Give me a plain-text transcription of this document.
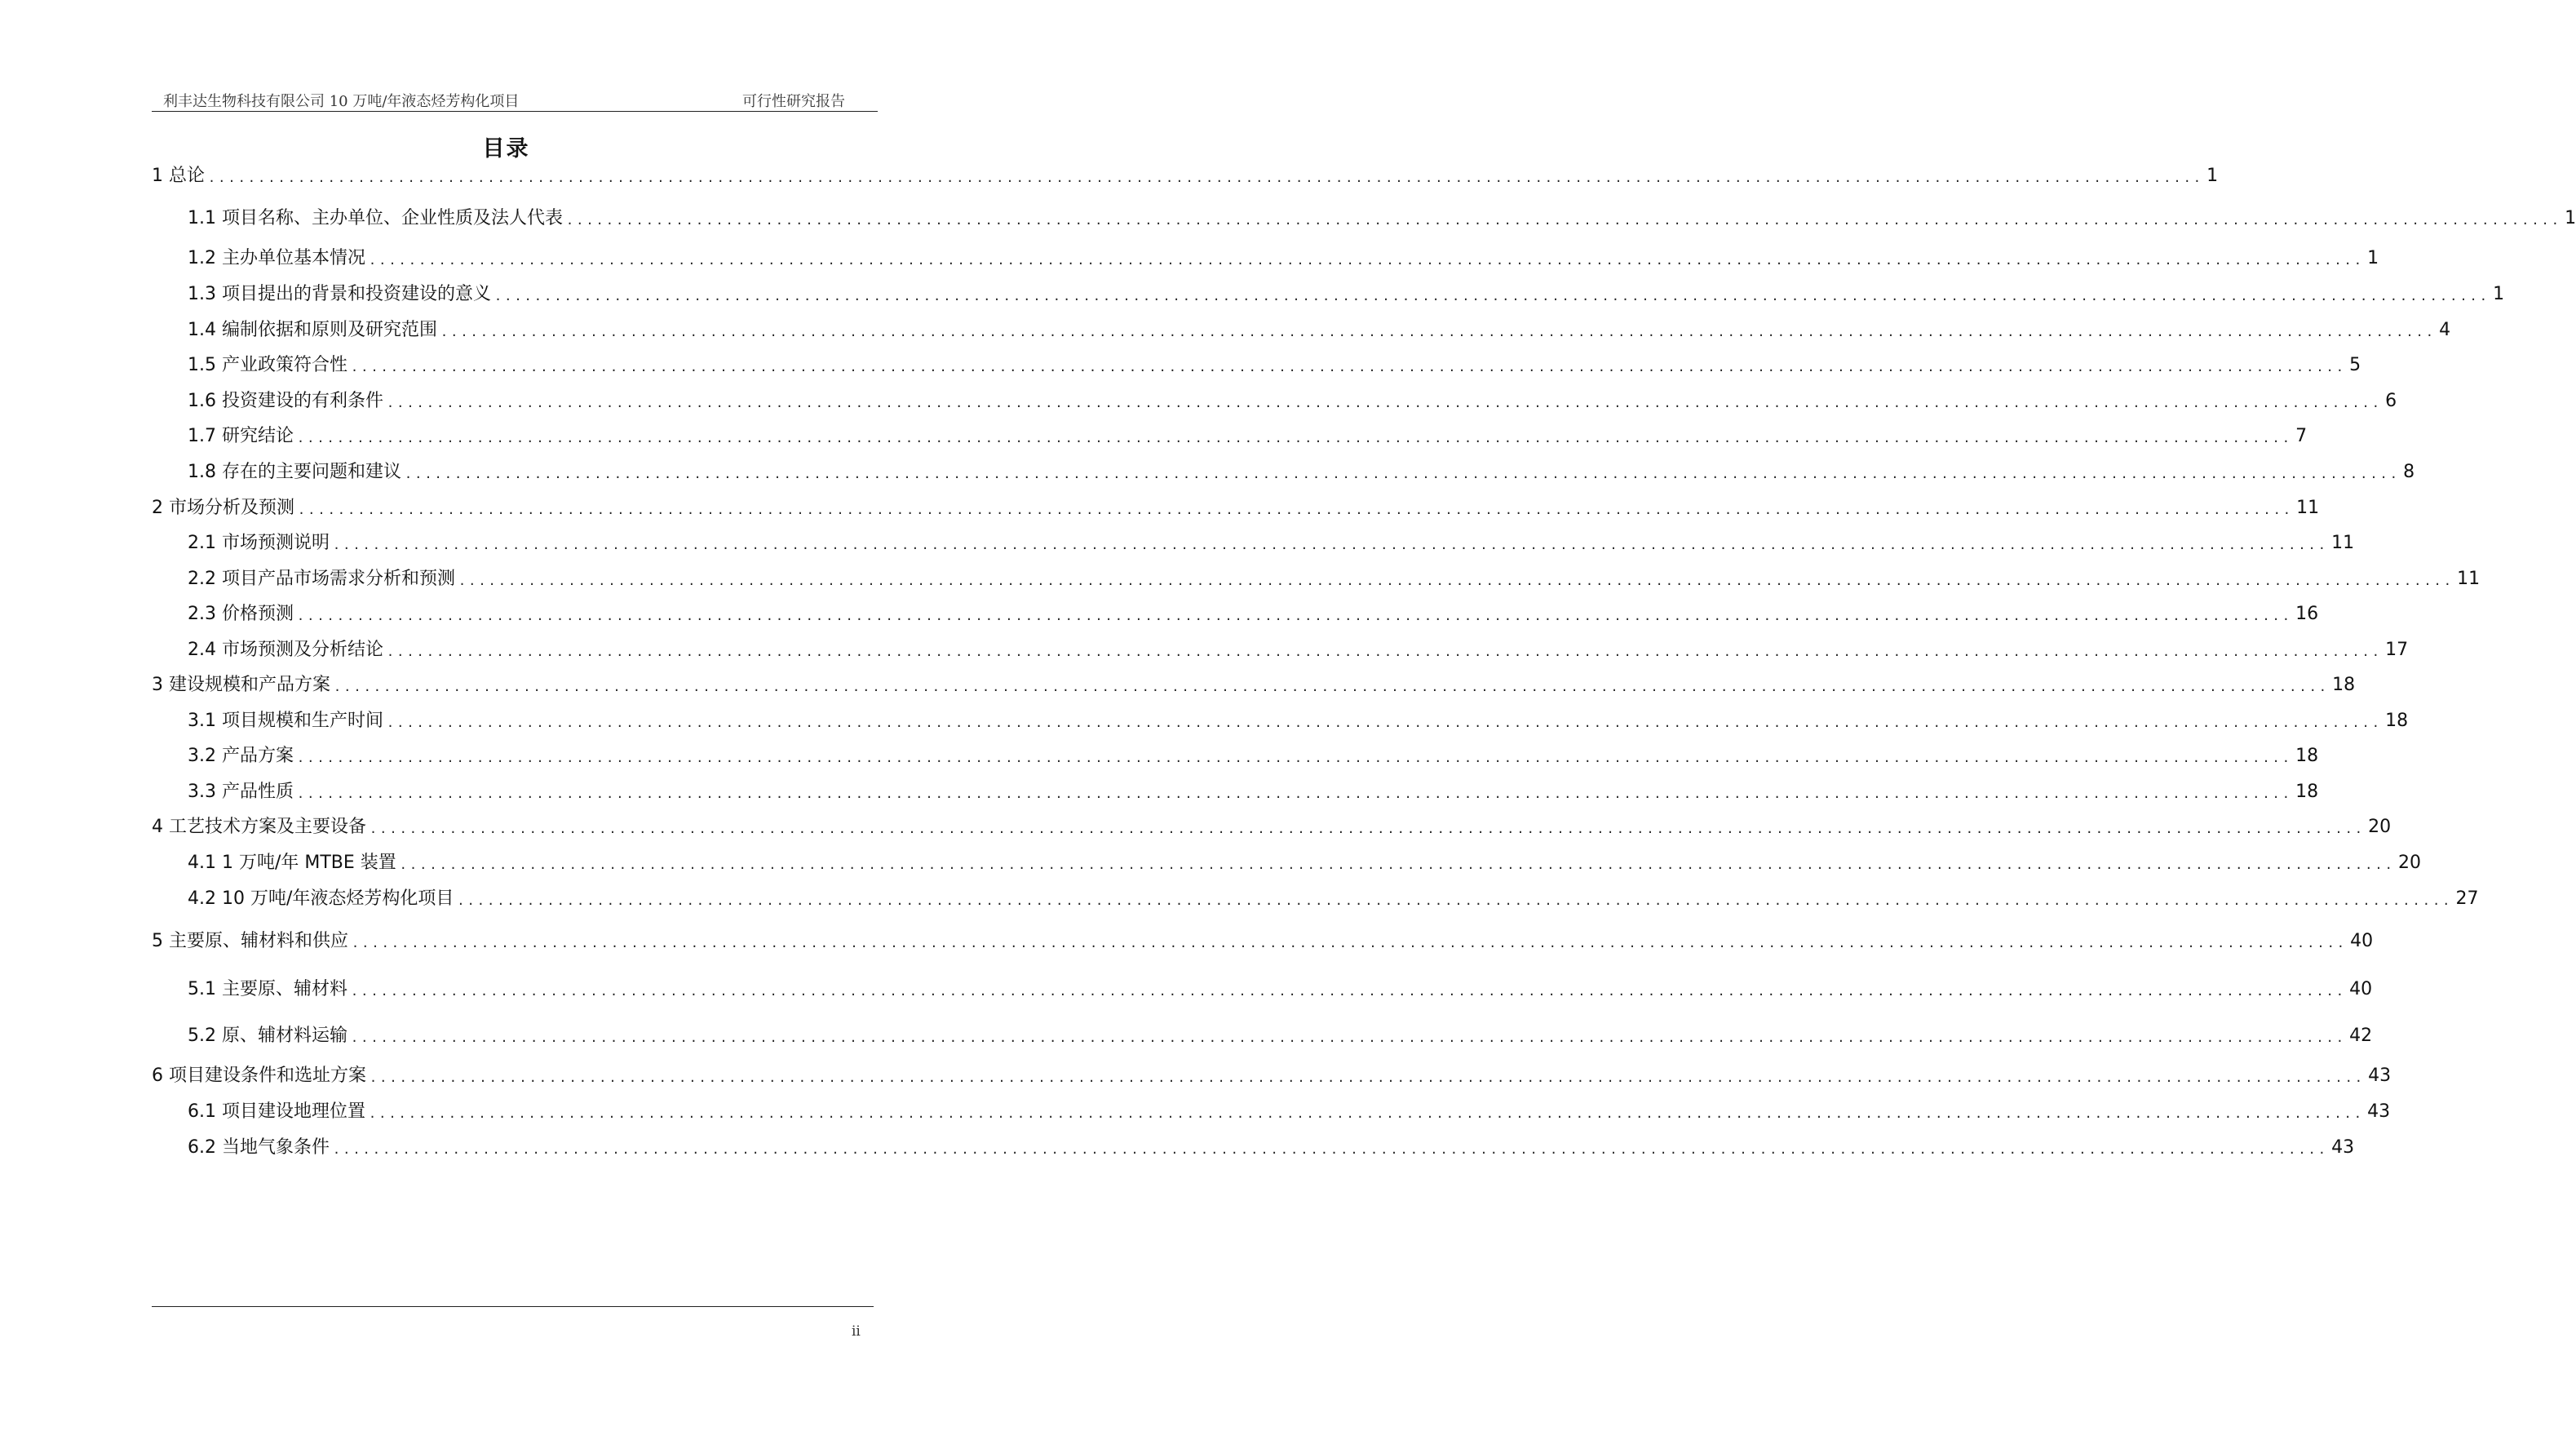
利丰达生物科技有限公司 10 万吨/年液态烃芳构化项目	可行性研究报告
目录
1 总论 ........................................................................................................................................................................................................ 1
1.1 项目名称、主办单位、企业性质及法人代表 ........................................................................................................................................................................................................ 1
1.2 主办单位基本情况 ........................................................................................................................................................................................................ 1
1.3 项目提出的背景和投资建设的意义 ........................................................................................................................................................................................................ 1
1.4 编制依据和原则及研究范围 ........................................................................................................................................................................................................ 4
1.5 产业政策符合性 ........................................................................................................................................................................................................ 5
1.6 投资建设的有利条件 ........................................................................................................................................................................................................ 6
1.7 研究结论 ........................................................................................................................................................................................................ 7
1.8 存在的主要问题和建议 ........................................................................................................................................................................................................ 8
2 市场分析及预测 ........................................................................................................................................................................................................ 11
2.1 市场预测说明 ........................................................................................................................................................................................................ 11
2.2 项目产品市场需求分析和预测 ........................................................................................................................................................................................................ 11
2.3 价格预测 ........................................................................................................................................................................................................ 16
2.4 市场预测及分析结论 ........................................................................................................................................................................................................ 17
3 建设规模和产品方案 ........................................................................................................................................................................................................ 18
3.1 项目规模和生产时间 ........................................................................................................................................................................................................ 18
3.2 产品方案 ........................................................................................................................................................................................................ 18
3.3 产品性质 ........................................................................................................................................................................................................ 18
4 工艺技术方案及主要设备 ........................................................................................................................................................................................................ 20
4.1 1 万吨/年 MTBE 装置 ........................................................................................................................................................................................................ 20
4.2 10 万吨/年液态烃芳构化项目 ........................................................................................................................................................................................................ 27
5 主要原、辅材料和供应 ........................................................................................................................................................................................................ 40
5.1 主要原、辅材料 ........................................................................................................................................................................................................ 40
5.2 原、辅材料运输 ........................................................................................................................................................................................................ 42
6 项目建设条件和选址方案 ........................................................................................................................................................................................................ 43
6.1 项目建设地理位置 ........................................................................................................................................................................................................ 43
6.2 当地气象条件 ........................................................................................................................................................................................................ 43
ii
